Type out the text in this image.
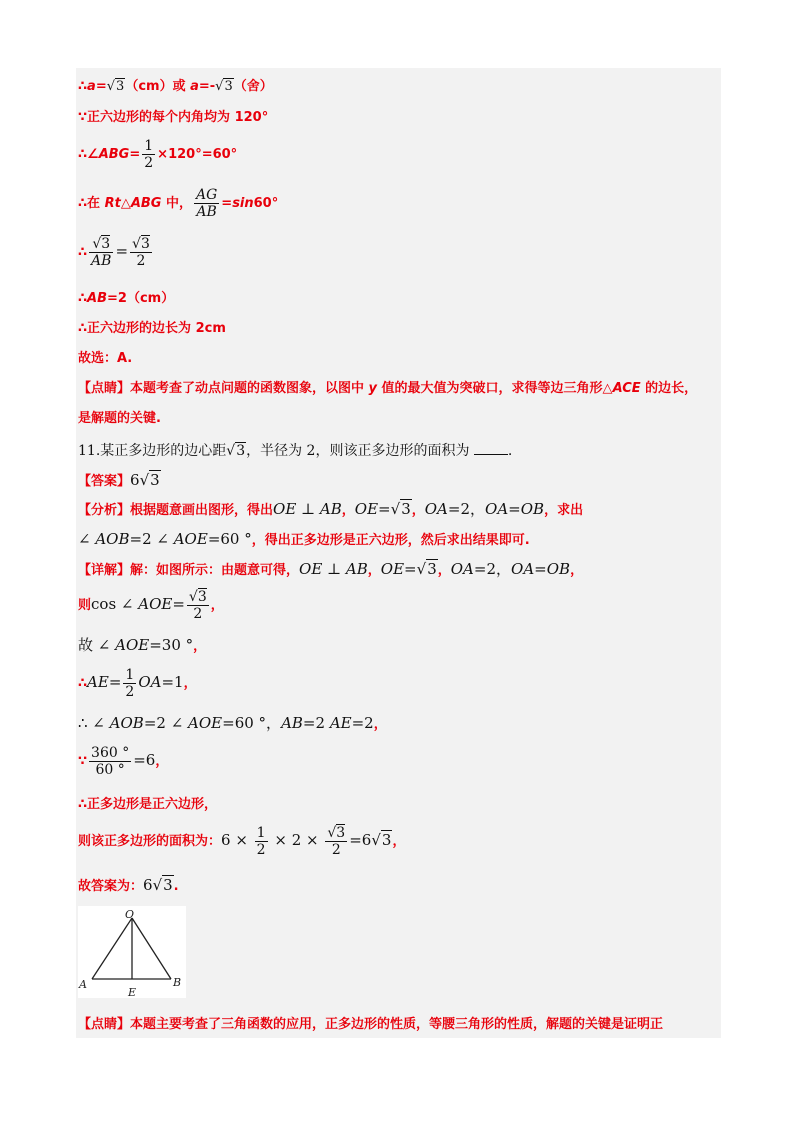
∴a=√3（cm）或 a=-√3（舍）
∵正六边形的每个内角均为 120°
∴∠ABG= $\frac{1}{2} \times 120^\circ=60^\circ$
∴在 Rt△ABG 中， $\frac{AG}{AB} =\sin 60^\circ$
∴ $\frac{√3}{AB} = \frac{√3}{2}$
∴AB=2（cm）
∴正六边形的边长为 2cm
故选：A.
【点睛】本题考查了动点问题的函数图象，以图中 y 值的最大值为突破口，求得等边三角形△ACE 的边长，
是解题的关键.
11.某正多边形的边心距√3，半径为 2，则该正多边形的面积为 .
【答案】6√3
【分析】根据题意画出图形，得出OE ⊥ AB，OE=√3，OA=2，OA=OB，求出
∠ AOB=2 ∠ AOE=60 °，得出正多边形是正六边形，然后求出结果即可.
【详解】解：如图所示：由题意可得，OE ⊥ AB，OE=√3，OA=2，OA=OB，
则cos ∠ $AOE= \frac{√3}{2}$ ，
故 ∠ AOE=30 °，
∴AE= $\frac{1}{2} OA=1$，
∴ ∠ AOB=2 ∠ AOE=60 °，AB=2 AE=2，
∵ $\frac{360 ^\circ}{60 ^\circ} =6$，
∴正多边形是正六边形，
则该正多边形的面积为：$6 \times \frac{1}{2} \times 2 \times \frac{√3}{2} =6√3$，
故答案为：6√3.
O
A	B
E
【点睛】本题主要考查了三角函数的应用，正多边形的性质，等腰三角形的性质，解题的关键是证明正
